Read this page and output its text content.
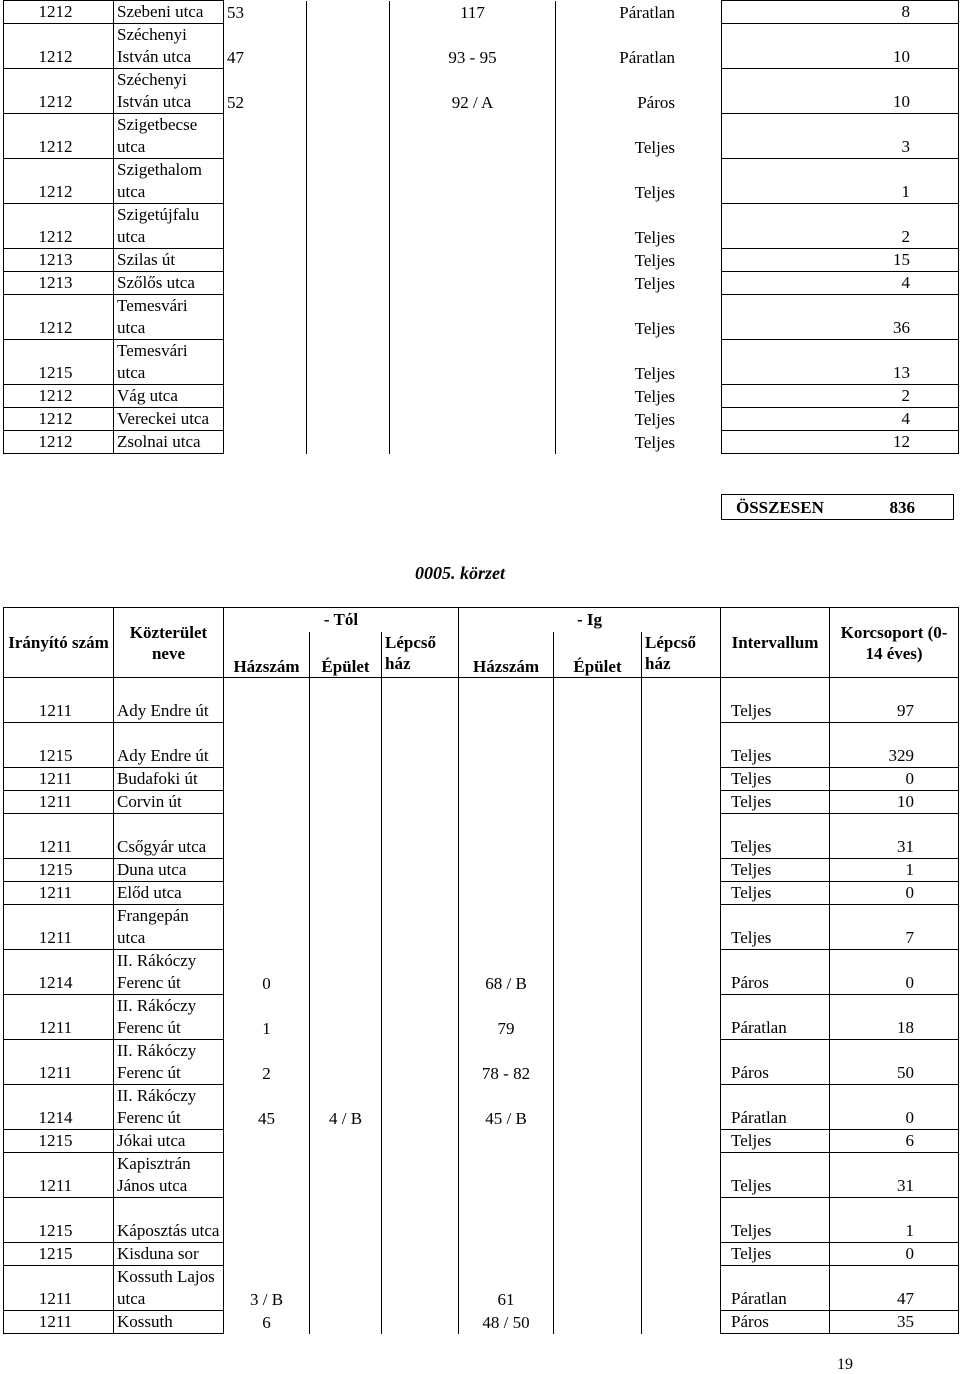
1212	Szebeni utca	53		117	Páratlan	8
1212	Széchenyi István utca	47		93 - 95	Páratlan	10
1212	Széchenyi István utca	52		92 / A	Páros	10
1212	Szigetbecse utca				Teljes	3
1212	Szigethalom utca				Teljes	1
1212	Szigetújfalu utca				Teljes	2
1213	Szilas út				Teljes	15
1213	Szőlős utca				Teljes	4
1212	Temesvári utca				Teljes	36
1215	Temesvári utca				Teljes	13
1212	Vág utca				Teljes	2
1212	Vereckei utca				Teljes	4
1212	Zsolnai utca				Teljes	12
ÖSSZESEN	836
0005. körzet
Irányító szám	Közterület neve	- Tól			- Ig			Intervallum	Korcsoport (0-14 éves)
		Házszám	Épület	Lépcső ház	Házszám	Épület	Lépcső ház		
1211	Ady Endre út							Teljes	97
1215	Ady Endre út							Teljes	329
1211	Budafoki út							Teljes	0
1211	Corvin út							Teljes	10
1211	Csőgyár utca							Teljes	31
1215	Duna utca							Teljes	1
1211	Előd utca							Teljes	0
1211	Frangepán utca							Teljes	7
1214	II. Rákóczy Ferenc út	0			68 / B			Páros	0
1211	II. Rákóczy Ferenc út	1			79			Páratlan	18
1211	II. Rákóczy Ferenc út	2			78 - 82			Páros	50
1214	II. Rákóczy Ferenc út	45	4 / B		45 / B			Páratlan	0
1215	Jókai utca							Teljes	6
1211	Kapisztrán János utca							Teljes	31
1215	Káposztás utca							Teljes	1
1215	Kisduna sor							Teljes	0
1211	Kossuth Lajos utca	3 / B			61			Páratlan	47
1211	Kossuth	6			48 / 50			Páros	35
19
